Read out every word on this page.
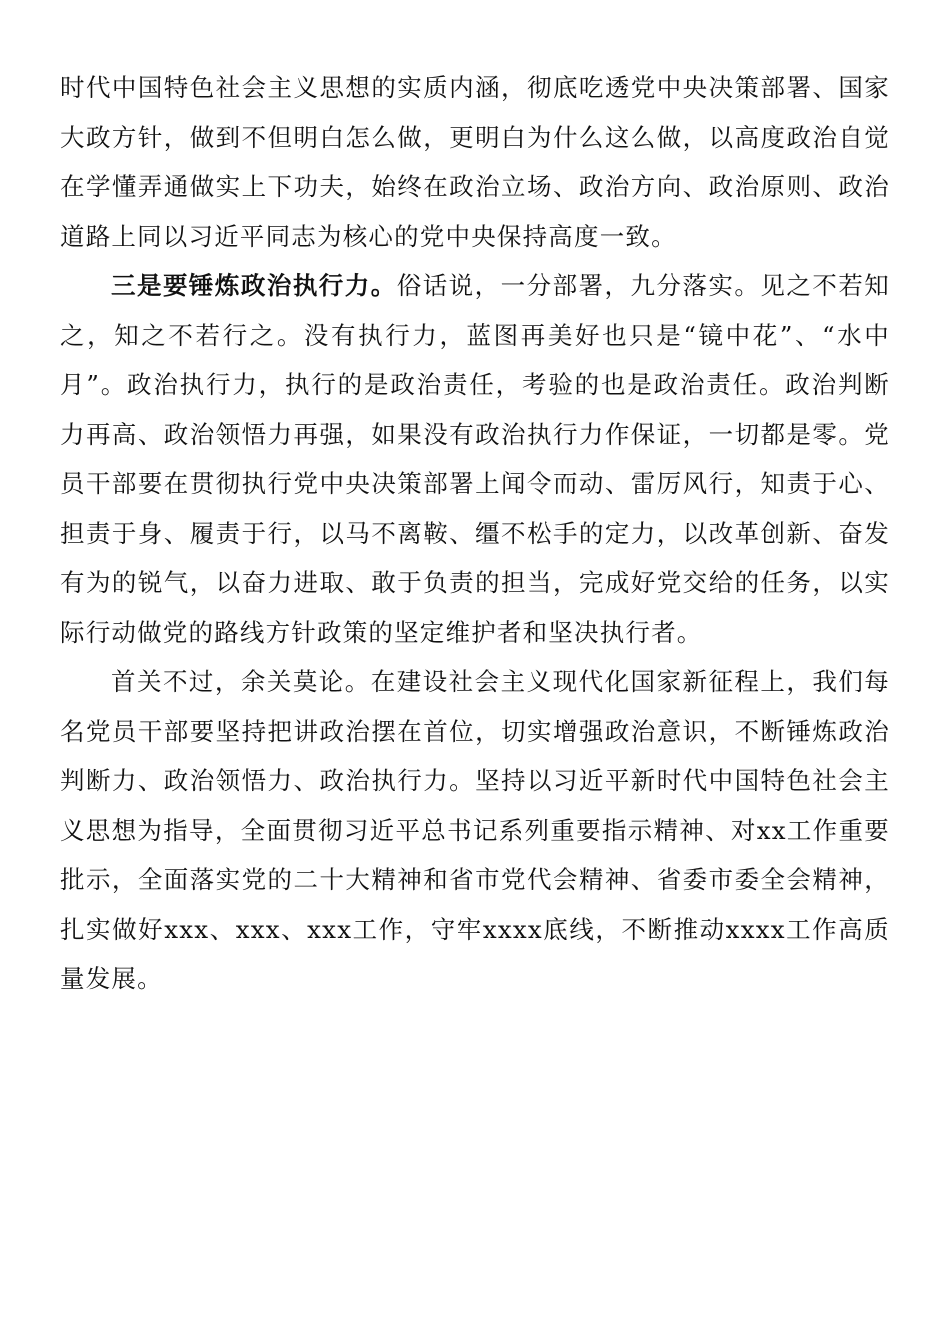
时代中国特色社会主义思想的实质内涵，彻底吃透党中央决策部署、国家大政方针，做到不但明白怎么做，更明白为什么这么做，以高度政治自觉在学懂弄通做实上下功夫，始终在政治立场、政治方向、政治原则、政治道路上同以习近平同志为核心的党中央保持高度一致。

三是要锤炼政治执行力。俗话说，一分部署，九分落实。见之不若知之，知之不若行之。没有执行力，蓝图再美好也只是“镜中花”、“水中月”。政治执行力，执行的是政治责任，考验的也是政治责任。政治判断力再高、政治领悟力再强，如果没有政治执行力作保证，一切都是零。党员干部要在贯彻执行党中央决策部署上闻令而动、雷厉风行，知责于心、担责于身、履责于行，以马不离鞍、缰不松手的定力，以改革创新、奋发有为的锐气，以奋力进取、敢于负责的担当，完成好党交给的任务，以实际行动做党的路线方针政策的坚定维护者和坚决执行者。

首关不过，余关莫论。在建设社会主义现代化国家新征程上，我们每名党员干部要坚持把讲政治摆在首位，切实增强政治意识，不断锤炼政治判断力、政治领悟力、政治执行力。坚持以习近平新时代中国特色社会主义思想为指导，全面贯彻习近平总书记系列重要指示精神、对xx工作重要批示，全面落实党的二十大精神和省市党代会精神、省委市委全会精神，扎实做好xxx、xxx、xxx工作，守牢xxxx底线，不断推动xxxx工作高质量发展。
